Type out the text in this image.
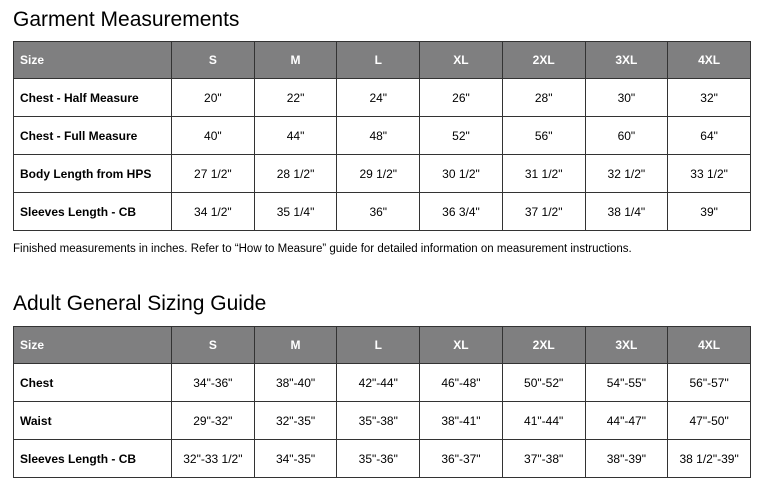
Garment Measurements
Size	S	M	L	XL	2XL	3XL	4XL
Chest - Half Measure	20"	22"	24"	26"	28"	30"	32"
Chest - Full Measure	40"	44"	48"	52"	56"	60"	64"
Body Length from HPS	27 1/2"	28 1/2"	29 1/2"	30 1/2"	31 1/2"	32 1/2"	33 1/2"
Sleeves Length - CB	34 1/2"	35 1/4"	36"	36 3/4"	37 1/2"	38 1/4"	39"

Finished measurements in inches. Refer to “How to Measure” guide for detailed information on measurement instructions.

Adult General Sizing Guide
Size	S	M	L	XL	2XL	3XL	4XL
Chest	34"-36"	38"-40"	42"-44"	46"-48"	50"-52"	54"-55"	56"-57"
Waist	29"-32"	32"-35"	35"-38"	38"-41"	41"-44"	44"-47"	47"-50"
Sleeves Length - CB	32"-33 1/2"	34"-35"	35"-36"	36"-37"	37"-38"	38"-39"	38 1/2"-39"
